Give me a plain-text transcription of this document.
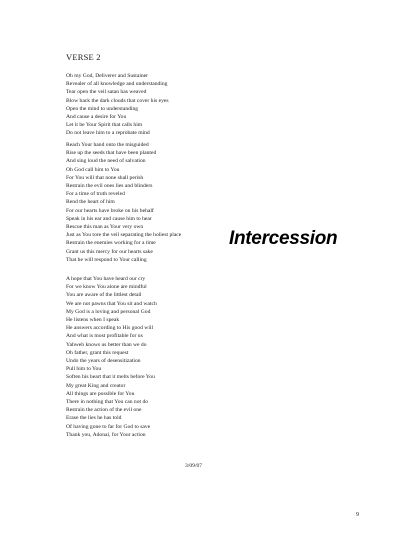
VERSE 2
Oh my God, Deliverer and Sustainer
Revealer of all knowledge and understanding
Tear open the veil satan has weaved
Blow back the dark clouds that cover his eyes
Open the mind to understanding
And cause a desire for You
Let it be Your Spirit that calls him
Do not leave him to a reprobate mind
Reach Your hand onto the misguided
Rise up the seeds that have been planted
And sing loud the need of salvation
Oh God call him to You
For You will that none shall perish
Restrain the evil ones lies and blinders
For a time of truth reveled
Rend the heart of him
For our hearts have broke on his behalf
Speak in his ear and cause him to hear
Rescue this man as Your very own
Just as You tore the veil separating the holiest place
Restrain the enemies working for a time
Grant us this mercy for our hearts sake
That he will respond to Your calling
A hope that You have heard our cry
For we know You alone are mindful
You are aware of the littlest detail
We are not pawns that You sit and watch
My God is a loving and personal God
He listens when I speak
He answers according to His good will
And what is most profitable for us
Yahweh knows us better than we do
Oh father, grant this request
Undo the years of desensitization
Pull him to You
Soften his heart that it melts before You
My great King and creator
All things are possible for You
There in nothing that You can not do
Restrain the action of the evil one
Erase the lies he has told
Of having gone to far for God to save
Thank you, Adonai, for Your action
Intercession
3/09/07
9
